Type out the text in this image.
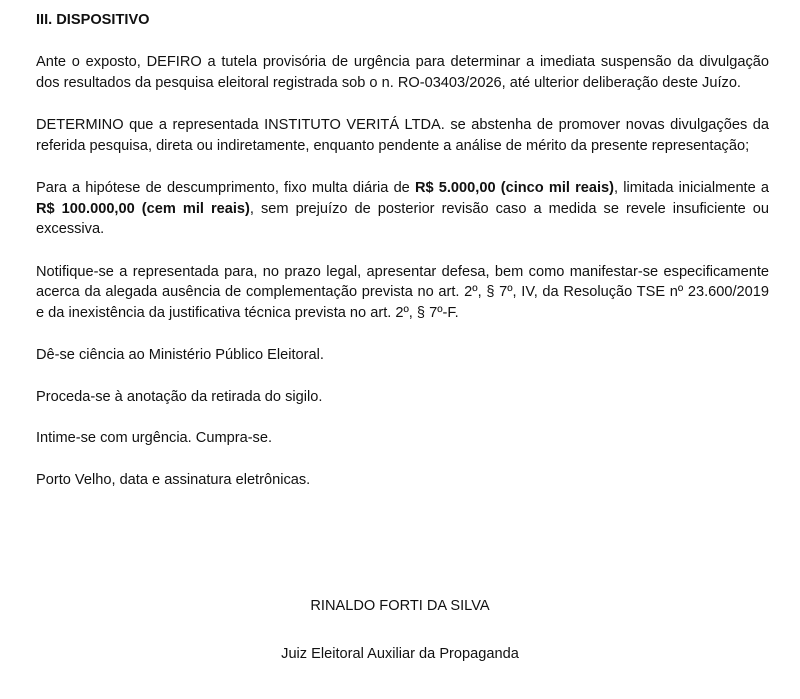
III. DISPOSITIVO

Ante o exposto, DEFIRO a tutela provisória de urgência para determinar a imediata suspensão da divulgação dos resultados da pesquisa eleitoral registrada sob o n. RO-03403/2026, até ulterior deliberação deste Juízo.

DETERMINO que a representada INSTITUTO VERITÁ LTDA. se abstenha de promover novas divulgações da referida pesquisa, direta ou indiretamente, enquanto pendente a análise de mérito da presente representação;

Para a hipótese de descumprimento, fixo multa diária de R$ 5.000,00 (cinco mil reais), limitada inicialmente a R$ 100.000,00 (cem mil reais), sem prejuízo de posterior revisão caso a medida se revele insuficiente ou excessiva.

Notifique-se a representada para, no prazo legal, apresentar defesa, bem como manifestar-se especificamente acerca da alegada ausência de complementação prevista no art. 2º, § 7º, IV, da Resolução TSE nº 23.600/2019 e da inexistência da justificativa técnica prevista no art. 2º, § 7º-F.

Dê-se ciência ao Ministério Público Eleitoral.

Proceda-se à anotação da retirada do sigilo.

Intime-se com urgência. Cumpra-se.

Porto Velho, data e assinatura eletrônicas.

RINALDO FORTI DA SILVA
Juiz Eleitoral Auxiliar da Propaganda
